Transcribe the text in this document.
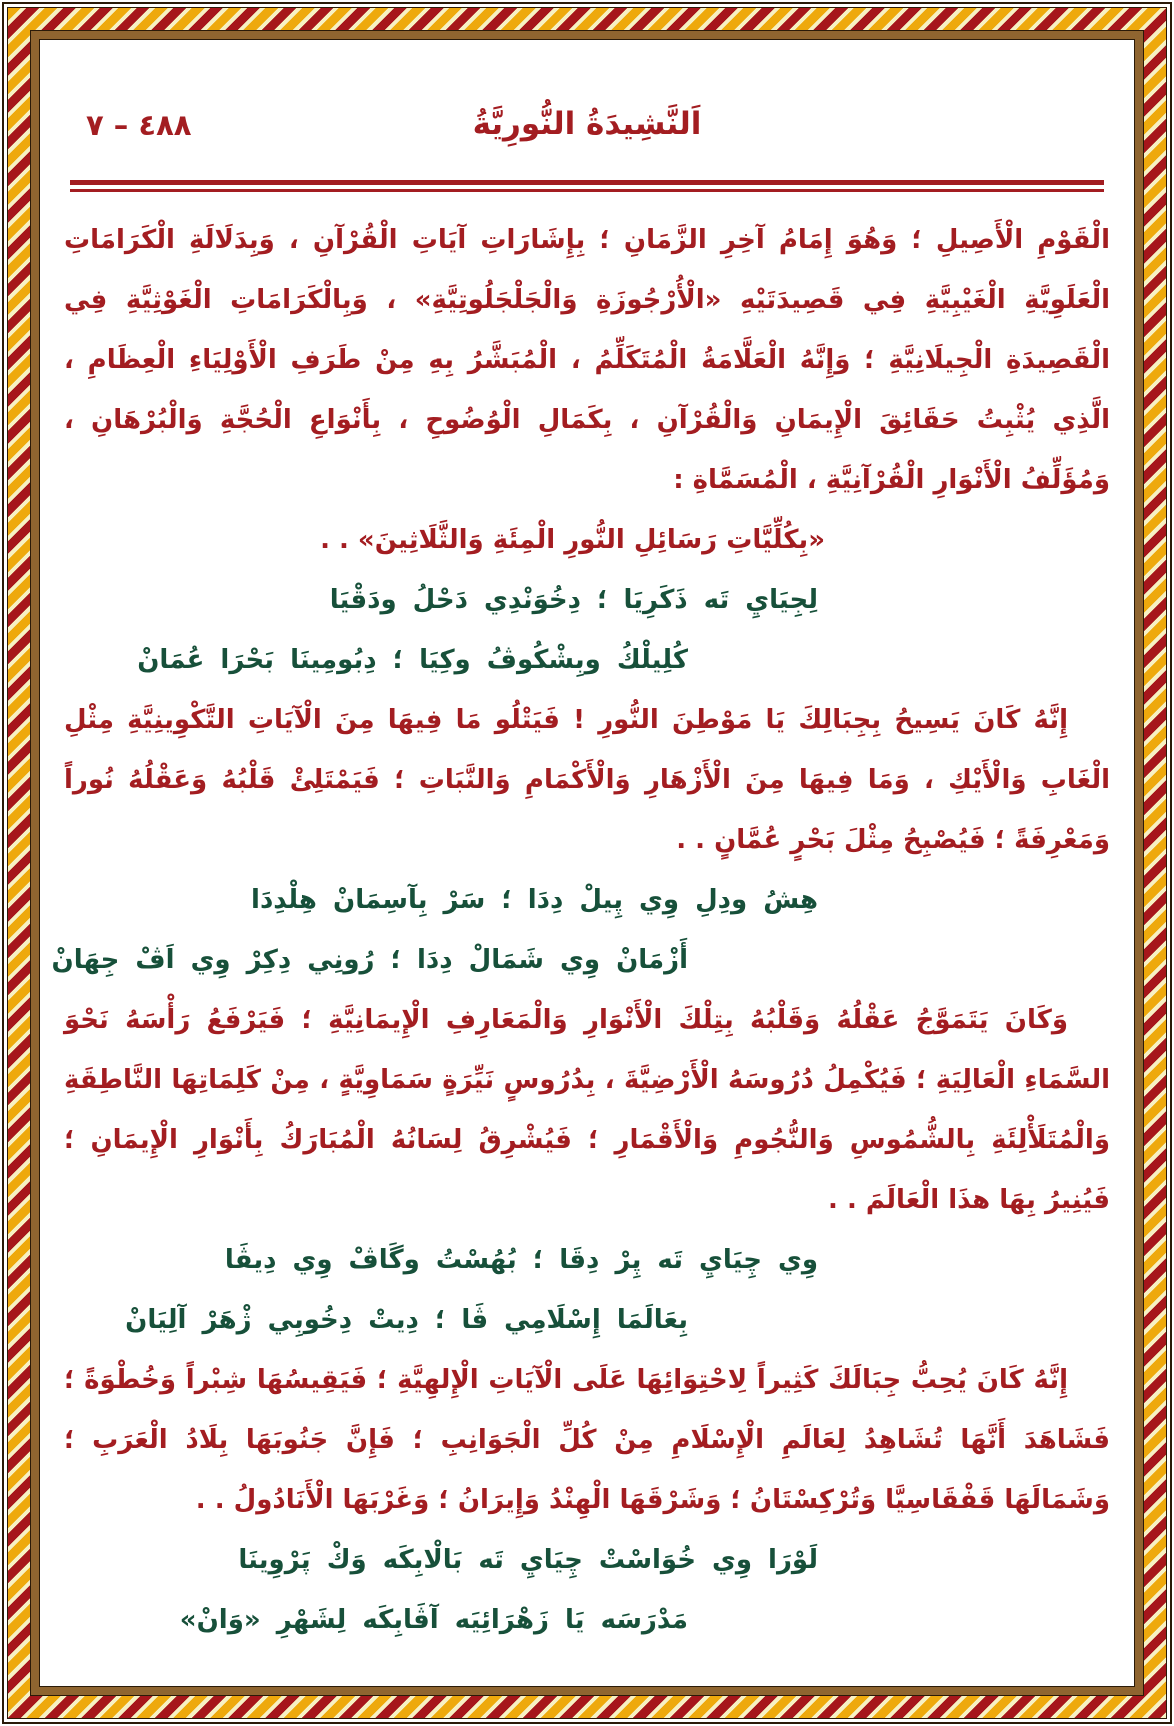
اَلنَّشِيدَةُ النُّورِيَّةُ
٤٨٨ – ٧

الْقَوْمِ الْأَصِيلِ ؛ وَهُوَ إِمَامُ آخِرِ الزَّمَانِ ؛ بِإِشَارَاتِ آيَاتِ الْقُرْآنِ ، وَبِدَلَالَةِ الْكَرَامَاتِ الْعَلَوِيَّةِ الْغَيْبِيَّةِ فِي قَصِيدَتَيْهِ «الْأُرْجُوزَةِ وَالْجَلْجَلُوتِيَّةِ» ، وَبِالْكَرَامَاتِ الْغَوْثِيَّةِ فِي الْقَصِيدَةِ الْجِيلَانِيَّةِ ؛ وَإِنَّهُ الْعَلَّامَةُ الْمُتَكَلِّمُ ، الْمُبَشَّرُ بِهِ مِنْ طَرَفِ الْأَوْلِيَاءِ الْعِظَامِ ، الَّذِي يُثْبِتُ حَقَائِقَ الْإِيمَانِ وَالْقُرْآنِ ، بِكَمَالِ الْوُضُوحِ ، بِأَنْوَاعِ الْحُجَّةِ وَالْبُرْهَانِ ، وَمُؤَلِّفُ الْأَنْوَارِ الْقُرْآنِيَّةِ ، الْمُسَمَّاةِ :

«بِكُلِّيَّاتِ رَسَائِلِ النُّورِ الْمِئَةِ وَالثَّلَاثِينَ» . .

لِجِيَايِ تَه ذَكَرِيَا ؛ دِخُوَنْدِي دَحْلُ ودَقْيَا

كُلِيلْكُ وبِشْكُوڤُ وكِيَا ؛ دِبُومِينَا بَحْرَا عُمَانْ

إِنَّهُ كَانَ يَسِيحُ بِجِبَالِكَ يَا مَوْطِنَ النُّورِ ! فَيَتْلُو مَا فِيهَا مِنَ الْآيَاتِ التَّكْوِينِيَّةِ مِثْلِ الْغَابِ وَالْأَيْكِ ، وَمَا فِيهَا مِنَ الْأَزْهَارِ وَالْأَكْمَامِ وَالنَّبَاتِ ؛ فَيَمْتَلِئْ قَلْبُهُ وَعَقْلُهُ نُوراً وَمَعْرِفَةً ؛ فَيُصْبِحُ مِثْلَ بَحْرٍ عُمَّانٍ . .

هِشُ ودِلِ وِي پِيلْ دِدَا ؛ سَرْ بِآسِمَانْ هِلْدِدَا

أَزْمَانْ وِي شَمَالْ دِدَا ؛ رُونِي دِكِرْ وِي اَڤْ جِهَانْ

وَكَانَ يَتَمَوَّجُ عَقْلُهُ وَقَلْبُهُ بِتِلْكَ الْأَنْوَارِ وَالْمَعَارِفِ الْإِيمَانِيَّةِ ؛ فَيَرْفَعُ رَأْسَهُ نَحْوَ السَّمَاءِ الْعَالِيَةِ ؛ فَيُكْمِلُ دُرُوسَهُ الْأَرْضِيَّةَ ، بِدُرُوسٍ نَيِّرَةٍ سَمَاوِيَّةٍ ، مِنْ كَلِمَاتِهَا النَّاطِقَةِ وَالْمُتَلَأْلِئَةِ بِالشُّمُوسِ وَالنُّجُومِ وَالْأَقْمَارِ ؛ فَيُشْرِقُ لِسَانُهُ الْمُبَارَكُ بِأَنْوَارِ الْإِيمَانِ ؛ فَيُنِيرُ بِهَا هذَا الْعَالَمَ . .

وِي چِيَايِ تَه پِرْ دِقَا ؛ بُهُسْتُ وگَاڤْ وِي دِيڤَا

بِعَالَمَا إِسْلَامِي ڤَا ؛ دِيتْ دِخُوبِي ژْهَرْ آلِيَانْ

إِنَّهُ كَانَ يُحِبُّ جِبَالَكَ كَثِيراً لِاحْتِوَائِهَا عَلَى الْآيَاتِ الْإِلهِيَّةِ ؛ فَيَقِيسُهَا شِبْراً وَخُطْوَةً ؛ فَشَاهَدَ أَنَّهَا تُشَاهِدُ لِعَالَمِ الْإِسْلَامِ مِنْ كُلِّ الْجَوَانِبِ ؛ فَإِنَّ جَنُوبَهَا بِلَادُ الْعَرَبِ ؛ وَشَمَالَهَا قَفْقَاسِيَّا وَتُرْكِسْتَانُ ؛ وَشَرْقَهَا الْهِنْدُ وَإِيرَانُ ؛ وَغَرْبَهَا الْأَنَادُولُ . .

لَوْرَا وِي خُوَاسْتْ چِيَايِ تَه بَالْابِكَه وَكْ پَرْوِينَا

مَدْرَسَه يَا زَهْرَائِيَه آڤَابِكَه لِشَهْرِ «وَانْ»
